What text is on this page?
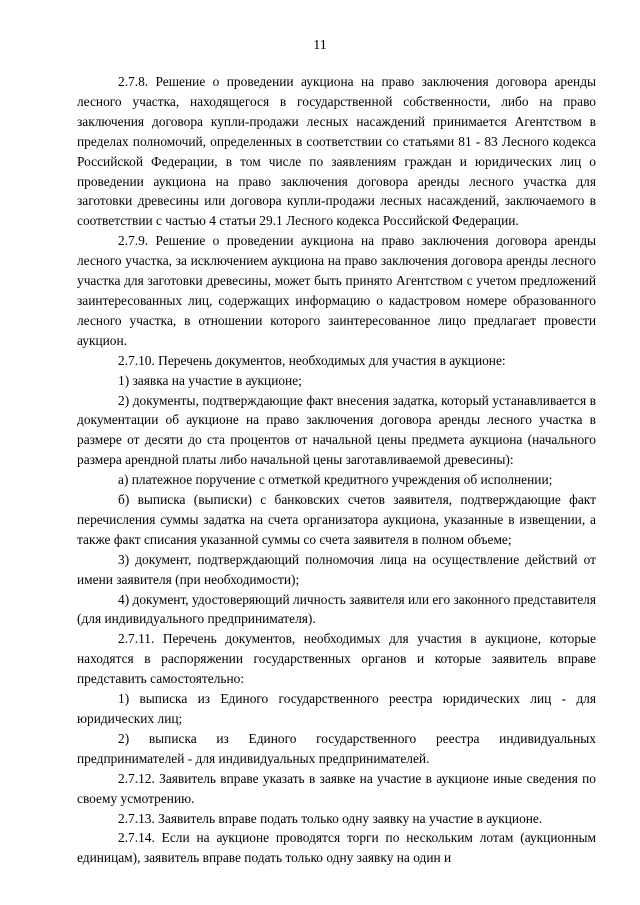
11

2.7.8. Решение о проведении аукциона на право заключения договора аренды лесного участка, находящегося в государственной собственности, либо на право заключения договора купли-продажи лесных насаждений принимается Агентством в пределах полномочий, определенных в соответствии со статьями 81 - 83 Лесного кодекса Российской Федерации, в том числе по заявлениям граждан и юридических лиц о проведении аукциона на право заключения договора аренды лесного участка для заготовки древесины или договора купли-продажи лесных насаждений, заключаемого в соответствии с частью 4 статьи 29.1 Лесного кодекса Российской Федерации.

2.7.9. Решение о проведении аукциона на право заключения договора аренды лесного участка, за исключением аукциона на право заключения договора аренды лесного участка для заготовки древесины, может быть принято Агентством с учетом предложений заинтересованных лиц, содержащих информацию о кадастровом номере образованного лесного участка, в отношении которого заинтересованное лицо предлагает провести аукцион.

2.7.10. Перечень документов, необходимых для участия в аукционе:

1) заявка на участие в аукционе;

2) документы, подтверждающие факт внесения задатка, который устанавливается в документации об аукционе на право заключения договора аренды лесного участка в размере от десяти до ста процентов от начальной цены предмета аукциона (начального размера арендной платы либо начальной цены заготавливаемой древесины):

а) платежное поручение с отметкой кредитного учреждения об исполнении;

б) выписка (выписки) с банковских счетов заявителя, подтверждающие факт перечисления суммы задатка на счета организатора аукциона, указанные в извещении, а также факт списания указанной суммы со счета заявителя в полном объеме;

3) документ, подтверждающий полномочия лица на осуществление действий от имени заявителя (при необходимости);

4) документ, удостоверяющий личность заявителя или его законного представителя (для индивидуального предпринимателя).

2.7.11. Перечень документов, необходимых для участия в аукционе, которые находятся в распоряжении государственных органов и которые заявитель вправе представить самостоятельно:

1) выписка из Единого государственного реестра юридических лиц - для юридических лиц;

2) выписка из Единого государственного реестра индивидуальных предпринимателей - для индивидуальных предпринимателей.

2.7.12. Заявитель вправе указать в заявке на участие в аукционе иные сведения по своему усмотрению.

2.7.13. Заявитель вправе подать только одну заявку на участие в аукционе.

2.7.14. Если на аукционе проводятся торги по нескольким лотам (аукционным единицам), заявитель вправе подать только одну заявку на один и
